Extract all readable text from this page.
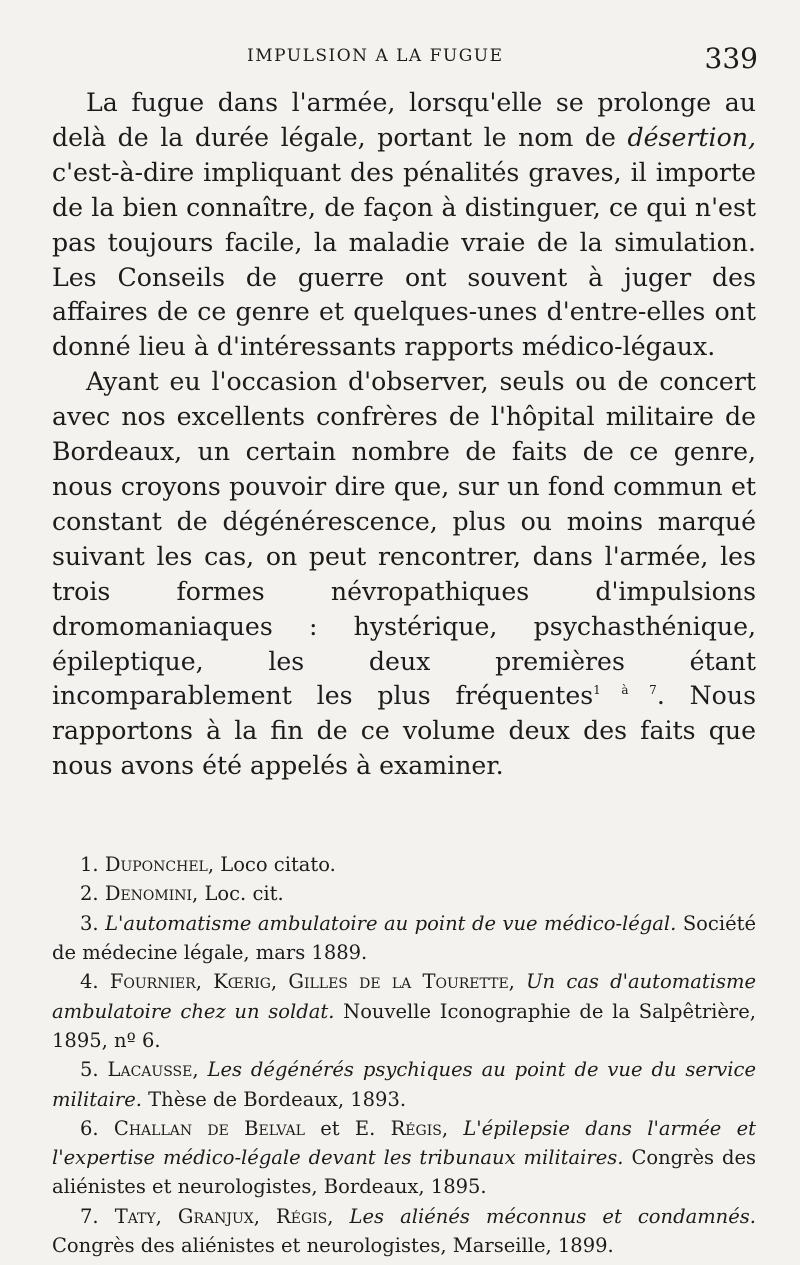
IMPULSION A LA FUGUE	339

La fugue dans l'armée, lorsqu'elle se prolonge au delà de la durée légale, portant le nom de désertion, c'est-à-dire impliquant des pénalités graves, il importe de la bien connaître, de façon à distinguer, ce qui n'est pas toujours facile, la maladie vraie de la simulation. Les Conseils de guerre ont souvent à juger des affaires de ce genre et quelques-unes d'entre-elles ont donné lieu à d'intéressants rapports médico-légaux.

Ayant eu l'occasion d'observer, seuls ou de concert avec nos excellents confrères de l'hôpital militaire de Bordeaux, un certain nombre de faits de ce genre, nous croyons pouvoir dire que, sur un fond commun et constant de dégénérescence, plus ou moins marqué suivant les cas, on peut rencontrer, dans l'armée, les trois formes névropathiques d'impulsions dromomaniaques : hystérique, psychasthénique, épileptique, les deux premières étant incomparablement les plus fréquentes$^{1 à 7}$. Nous rapportons à la fin de ce volume deux des faits que nous avons été appelés à examiner.

1. Duponchel, Loco citato.

2. Denomini, Loc. cit.

3. L'automatisme ambulatoire au point de vue médico-légal. Société de médecine légale, mars 1889.

4. Fournier, Kœrig, Gilles de la Tourette, Un cas d'automatisme ambulatoire chez un soldat. Nouvelle Iconographie de la Salpêtrière, 1895, nº 6.

5. Lacausse, Les dégénérés psychiques au point de vue du service militaire. Thèse de Bordeaux, 1893.

6. Challan de Belval et E. Régis, L'épilepsie dans l'armée et l'expertise médico-légale devant les tribunaux militaires. Congrès des aliénistes et neurologistes, Bordeaux, 1895.

7. Taty, Granjux, Régis, Les aliénés méconnus et condamnés. Congrès des aliénistes et neurologistes, Marseille, 1899.
